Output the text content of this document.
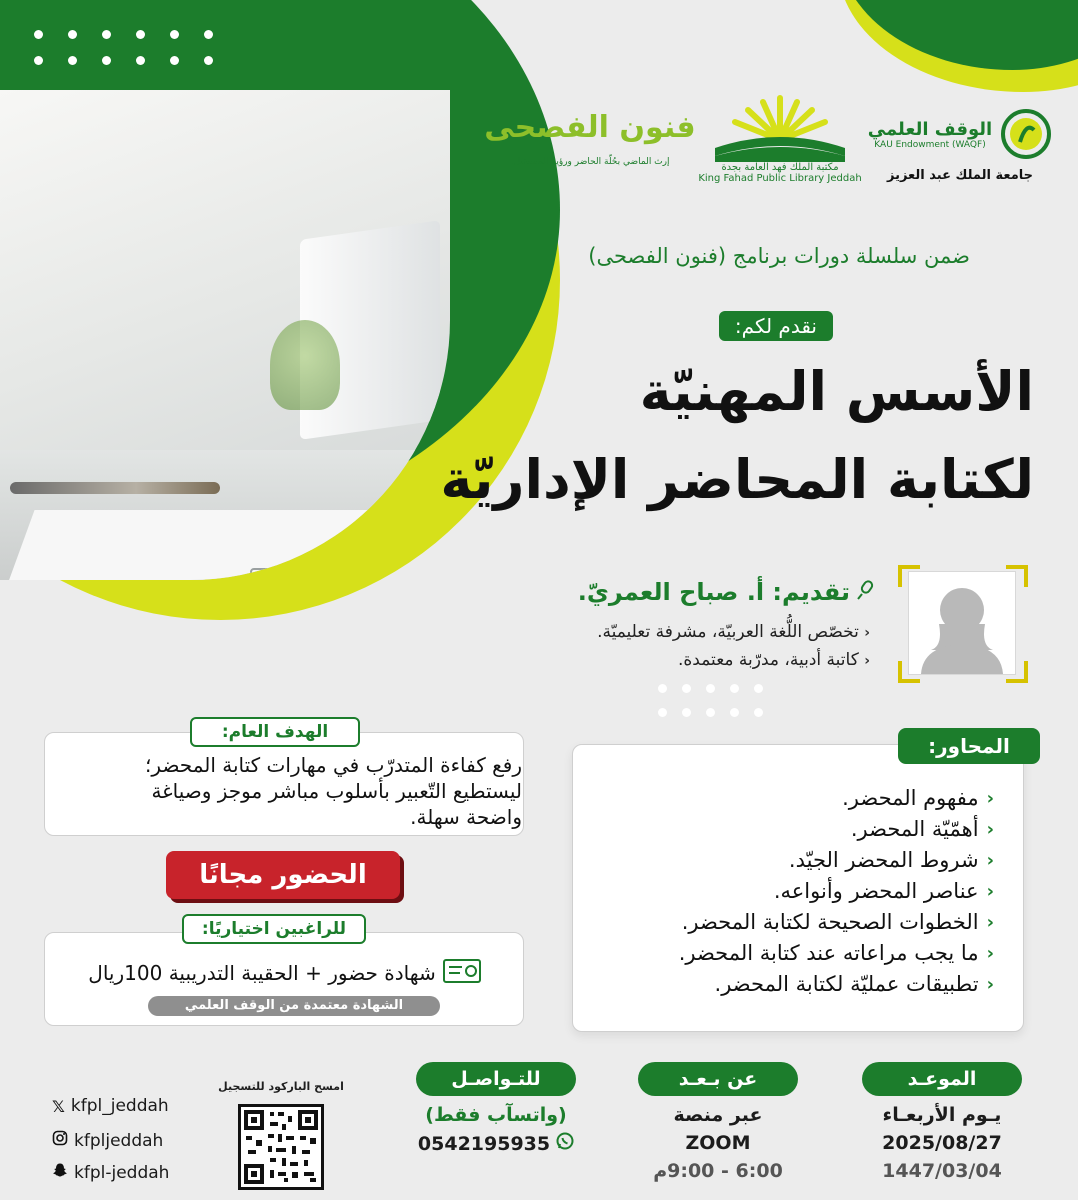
فنون الفصحى
إرث الماضي بحُلّة الحاضر ورؤية المستقبل.	مكتبة الملك فهد العامة بجدة
King Fahad Public Library Jeddah
الوقف العلمي
KAU Endowment (WAQF)
جامعة الملك عبد العزيز
ضمن سلسلة دورات برنامج (فنون الفصحى)
نقدم لكم:
الأسس المهنيّة
لكتابة المحاضر الإداريّة
تقديم: أ. صباح العمريّ.
‹ تخصّص اللُّغة العربيّة، مشرفة تعليميّة.
‹ كاتبة أدبية، مدرّبة معتمدة.
الهدف العام:
رفع كفاءة المتدرّب في مهارات كتابة المحضر؛
ليستطيع التّعبير بأسلوب مباشر موجز وصياغة
واضحة سهلة.
الحضور مجانًا
للراغبين اختياريًا:
شهادة حضور + الحقيبة التدريبية 100ريال
الشهادة معتمدة من الوقف العلمي
المحاور:
‹
مفهوم المحضر.
‹
أهمّيّة المحضر.
‹
شروط المحضر الجيّد.
‹
عناصر المحضر وأنواعه.
‹
الخطوات الصحيحة لكتابة المحضر.
‹
ما يجب مراعاته عند كتابة المحضر.
‹
تطبيقات عمليّة لكتابة المحضر.
الموعـد
يـوم الأربعـاء
2025/08/27
1447/03/04
عن بـعـد
عبر منصة
ZOOM
6:00 - 9:00م
للتـواصـل
(واتسآب فقط)
0542195935
امسح الباركود للتسجيل
𝕏 kfpl_jeddah
kfpljeddah
kfpl-jeddah
